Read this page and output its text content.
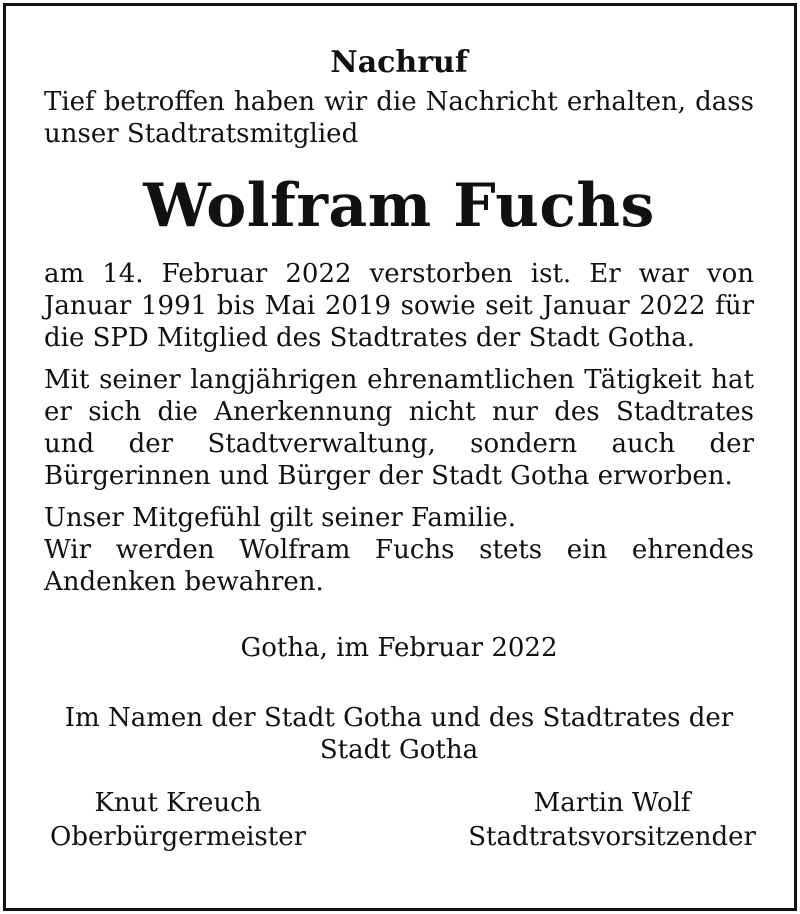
Nachruf

Tief betroffen haben wir die Nachricht erhalten, dass unser Stadtratsmitglied

Wolfram Fuchs

am 14. Februar 2022 verstorben ist. Er war von Januar 1991 bis Mai 2019 sowie seit Januar 2022 für die SPD Mitglied des Stadtrates der Stadt Gotha.

Mit seiner langjährigen ehrenamtlichen Tätigkeit hat er sich die Anerkennung nicht nur des Stadtrates und der Stadtverwaltung, sondern auch der Bürgerinnen und Bürger der Stadt Gotha erworben.

Unser Mitgefühl gilt seiner Familie.

Wir werden Wolfram Fuchs stets ein ehrendes Andenken bewahren.

Gotha, im Februar 2022

Im Namen der Stadt Gotha und des Stadtrates der Stadt Gotha

Knut Kreuch
Oberbürgermeister
Martin Wolf
Stadtratsvorsitzender
